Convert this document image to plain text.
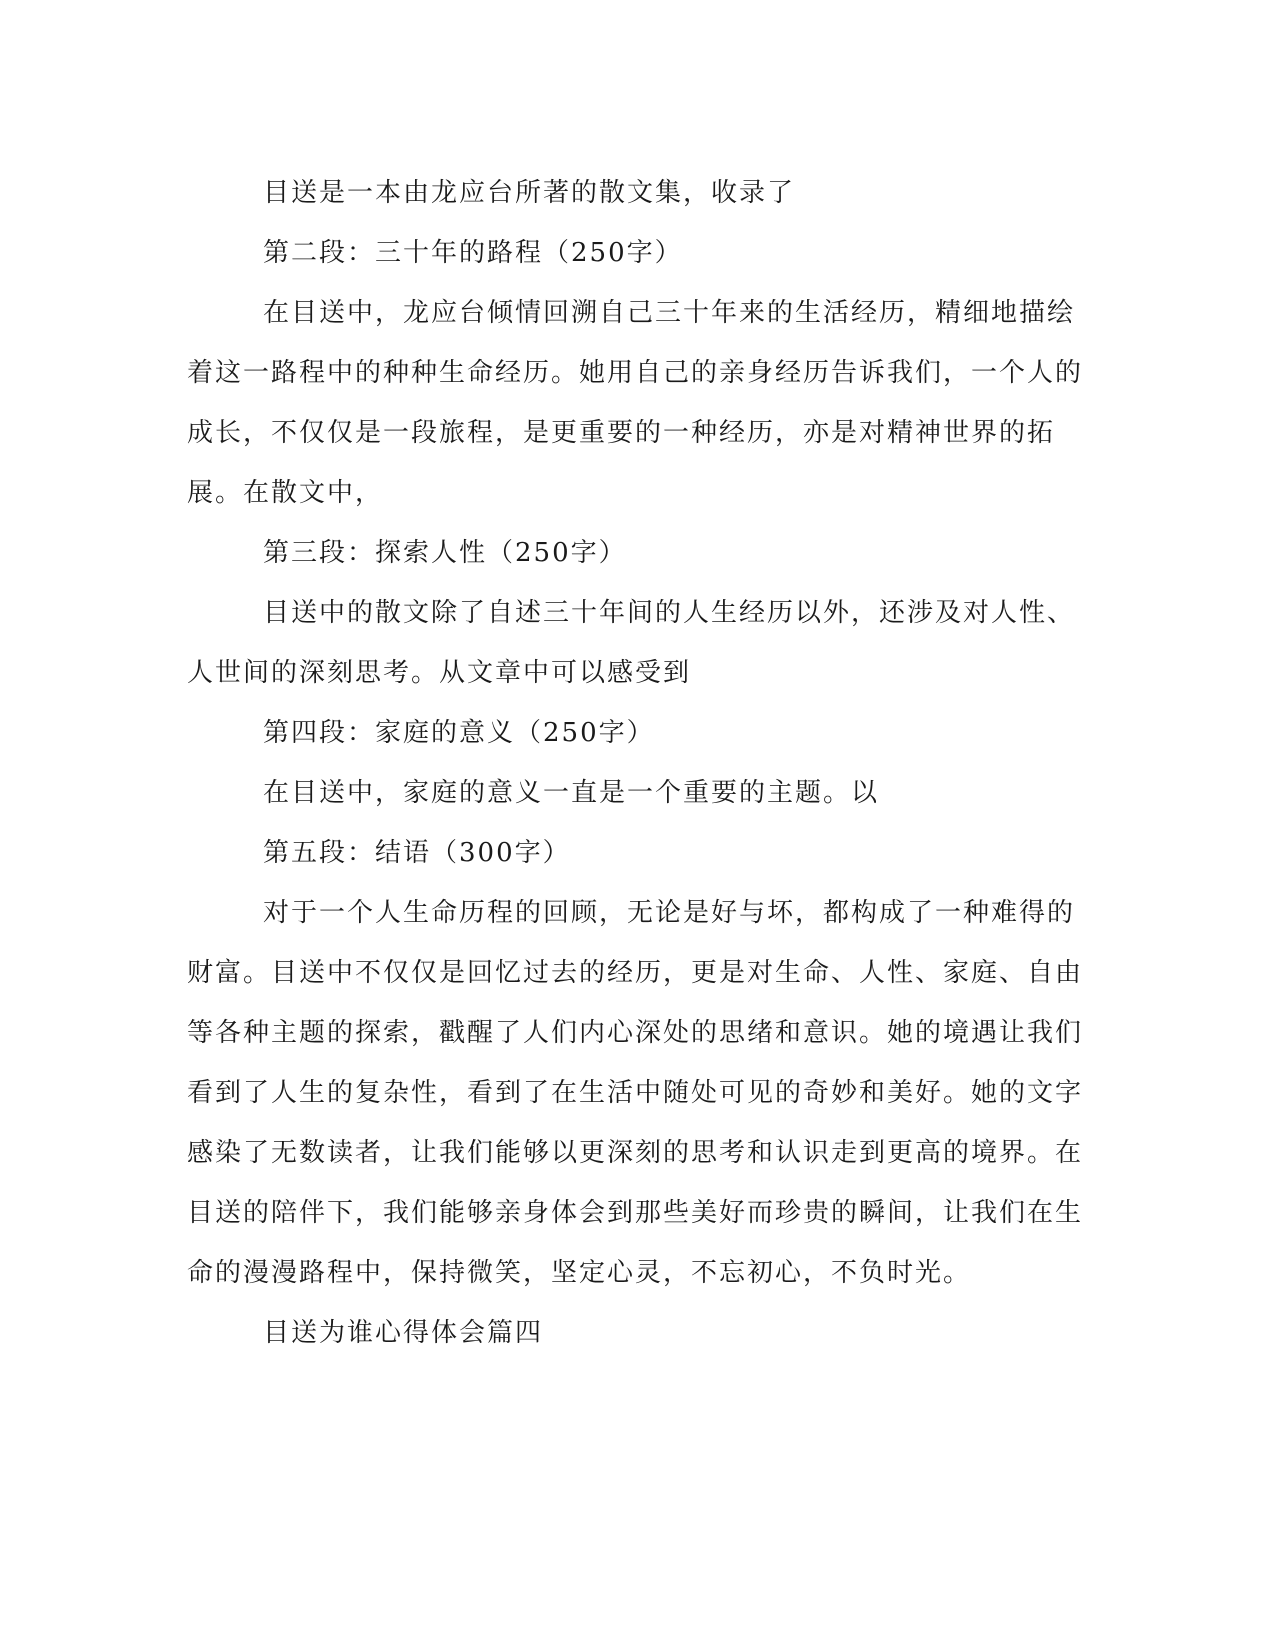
目送是一本由龙应台所著的散文集，收录了

第二段：三十年的路程（250字）

在目送中，龙应台倾情回溯自己三十年来的生活经历，精细地描绘着这一路程中的种种生命经历。她用自己的亲身经历告诉我们，一个人的成长，不仅仅是一段旅程，是更重要的一种经历，亦是对精神世界的拓展。在散文中，

第三段：探索人性（250字）

目送中的散文除了自述三十年间的人生经历以外，还涉及对人性、人世间的深刻思考。从文章中可以感受到

第四段：家庭的意义（250字）

在目送中，家庭的意义一直是一个重要的主题。以

第五段：结语（300字）

对于一个人生命历程的回顾，无论是好与坏，都构成了一种难得的财富。目送中不仅仅是回忆过去的经历，更是对生命、人性、家庭、自由等各种主题的探索，戳醒了人们内心深处的思绪和意识。她的境遇让我们看到了人生的复杂性，看到了在生活中随处可见的奇妙和美好。她的文字感染了无数读者，让我们能够以更深刻的思考和认识走到更高的境界。在目送的陪伴下，我们能够亲身体会到那些美好而珍贵的瞬间，让我们在生命的漫漫路程中，保持微笑，坚定心灵，不忘初心，不负时光。

目送为谁心得体会篇四
